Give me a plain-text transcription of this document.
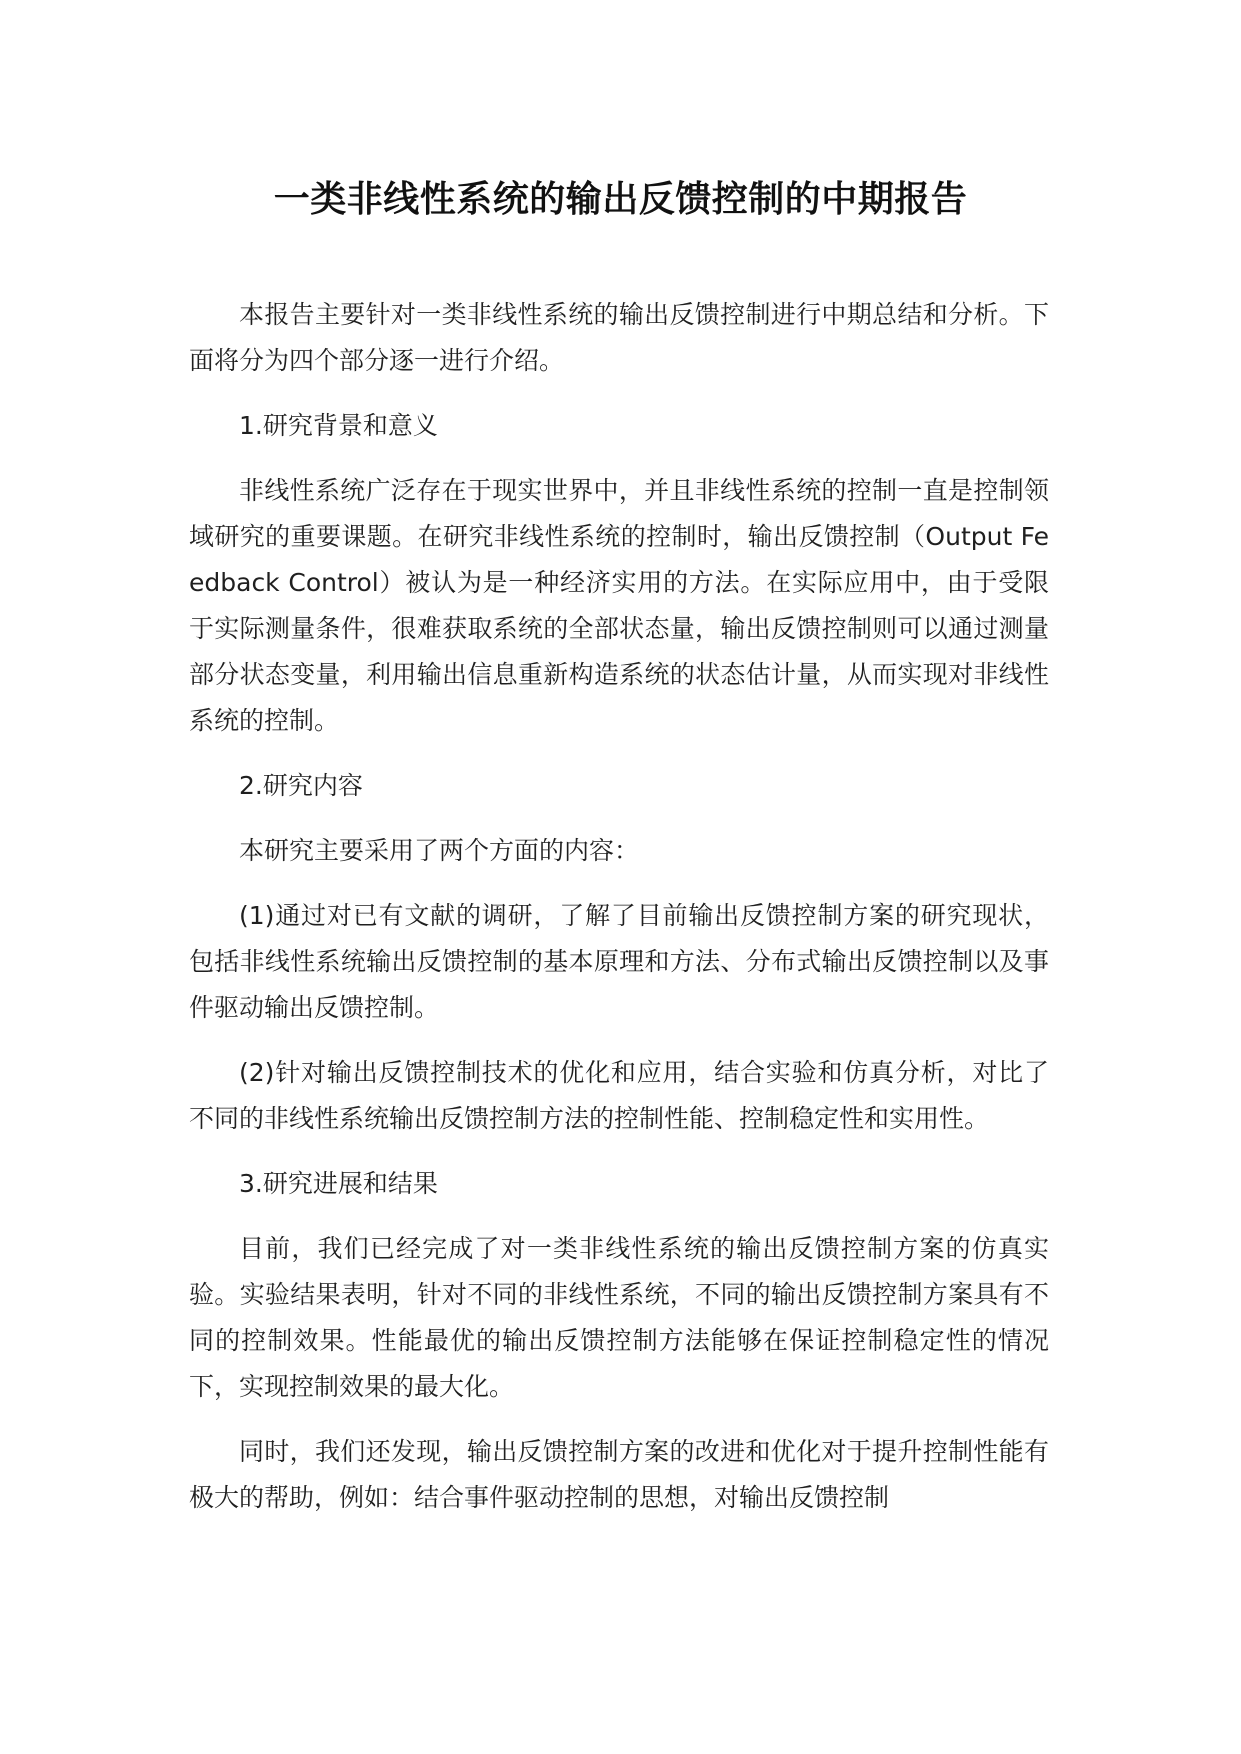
一类非线性系统的输出反馈控制的中期报告

本报告主要针对一类非线性系统的输出反馈控制进行中期总结和分析。下面将分为四个部分逐一进行介绍。

1.研究背景和意义

非线性系统广泛存在于现实世界中，并且非线性系统的控制一直是控制领域研究的重要课题。在研究非线性系统的控制时，输出反馈控制（Output Feedback Control）被认为是一种经济实用的方法。在实际应用中，由于受限于实际测量条件，很难获取系统的全部状态量，输出反馈控制则可以通过测量部分状态变量，利用输出信息重新构造系统的状态估计量，从而实现对非线性系统的控制。

2.研究内容

本研究主要采用了两个方面的内容：

(1)通过对已有文献的调研，了解了目前输出反馈控制方案的研究现状，包括非线性系统输出反馈控制的基本原理和方法、分布式输出反馈控制以及事件驱动输出反馈控制。

(2)针对输出反馈控制技术的优化和应用，结合实验和仿真分析，对比了不同的非线性系统输出反馈控制方法的控制性能、控制稳定性和实用性。

3.研究进展和结果

目前，我们已经完成了对一类非线性系统的输出反馈控制方案的仿真实验。实验结果表明，针对不同的非线性系统，不同的输出反馈控制方案具有不同的控制效果。性能最优的输出反馈控制方法能够在保证控制稳定性的情况下，实现控制效果的最大化。

同时，我们还发现，输出反馈控制方案的改进和优化对于提升控制性能有极大的帮助，例如：结合事件驱动控制的思想，对输出反馈控制
